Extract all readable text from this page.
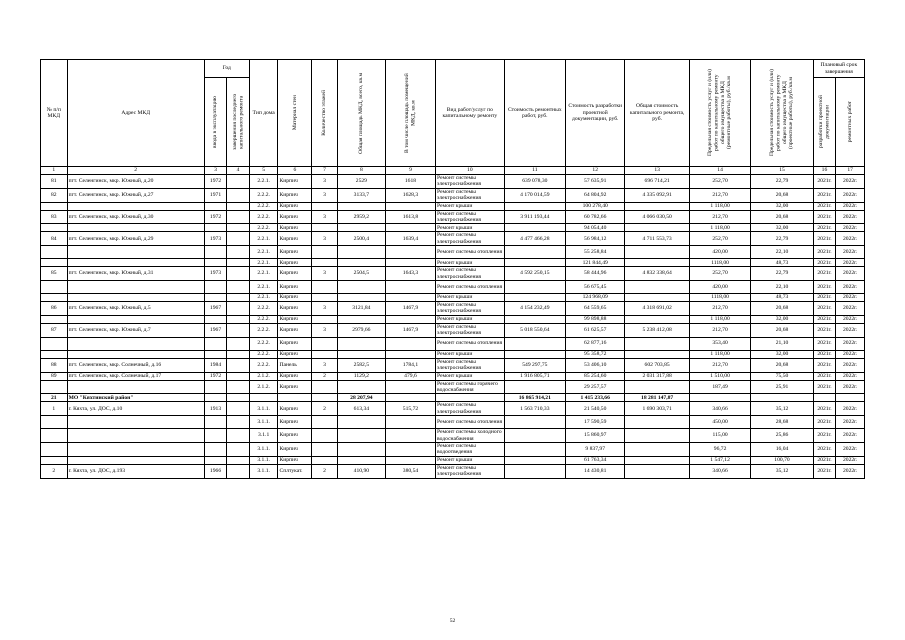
№ п/п МКД	Адрес МКД	Год		Тип дома	Материал стен	Количество этажей	Общая площадь МКД, всего, кв.м	В том числе площадь помещений МКД, кв.м	Вид работ/услуг по капитальному ремонту	Стоимость ремонтных работ, руб.	Стоимость разработки проектной документации, руб.	Общая стоимость капитального ремонта, руб.	Предельная стоимость услуг и (или) работ по капитальному ремонту общего имущества в МКД (ремонтные работы), руб./кв.м	Предельная стоимость услуг и (или) работ по капитальному ремонту общего имущества в МКД (проектные работы), руб./кв.м	Плановый срок завершения	

		ввода в эксплуатацию	завершения последнего капитального ремонта												разработки проектной документации	ремонтных работ

1	2	3	4	5	6	7	8	9	10	11	12	13	14	15	16	17
81	пгт. Селенгинск, мкр. Южный, д.20	1972		2.2.1.	Кирпич	3	2529	1618	Ремонт системы электроснабжения	639 078,30	57 635,91	696 714,21	252,70	22,79	2021г.	2022г.
82	пгт. Селенгинск, мкр. Южный, д.27	1971		2.2.2.	Кирпич	3	3133,7	1628,3	Ремонт системы электроснабжения	4 170 014,59	64 804,92	4 335 092,91	212,70	20,68	2021г.	2022г.
				2.2.2.	Кирпич				Ремонт крыши		100 278,40		1 118,00	32,00	2021г.	2022г.
83	пгт. Селенгинск, мкр. Южный, д.30	1972		2.2.2.	Кирпич	3	2959,2	1613,8	Ремонт системы электроснабжения	3 911 193,44	60 782,66	4 066 030,50	212,70	20,68	2021г.	2022г.
				2.2.2.	Кирпич				Ремонт крыши		94 054,40		1 118,00	32,00	2021г.	2022г.
84	пгт. Селенгинск, мкр. Южный, д.29	1973		2.2.1.	Кирпич	3	2500,4	1639,4	Ремонт системы электроснабжения	4 477 466,28	56 984,12	4 711 553,73	252,70	22,79	2021г.	2022г.
				2.2.1.	Кирпич				Ремонт системы отопления		55 258,84		420,00	22,10	2021г.	2022г.
				2.2.1.	Кирпич				Ремонт крыши		121 844,49		1118,00	48,73	2021г.	2022г.
85	пгт. Селенгинск, мкр. Южный, д.31	1973		2.2.1.	Кирпич	3	2504,5	1643,3	Ремонт системы электроснабжения	4 592 250,15	58 444,96	4 832 338,64	252,70	22,79	2021г.	2022г.
				2.2.1.	Кирпич				Ремонт системы отопления		56 675,45		420,00	22,10	2021г.	2022г.
				2.2.1.	Кирпич				Ремонт крыши		124 968,09		1118,00	48,73	2021г.	2022г.
86	пгт. Селенгинск, мкр. Южный, д.5	1967		2.2.2.	Кирпич	3	3121,84	1467,9	Ремонт системы электроснабжения	4 154 232,49	64 559,65	4 318 691,02	212,70	20,68	2021г.	2022г.
				2.2.2.	Кирпич				Ремонт крыши		99 898,88		1 118,00	32,00	2021г.	2022г.
87	пгт. Селенгинск, мкр. Южный, д.7	1967		2.2.2.	Кирпич	3	2979,66	1467,9	Ремонт системы электроснабжения	5 018 550,64	61 625,57	5 238 412,08	212,70	20,68	2021г.	2022г.
				2.2.2.	Кирпич				Ремонт системы отопления		62 877,16		353,40	21,10	2021г.	2022г.
				2.2.2.	Кирпич				Ремонт крыши		95 358,72		1 118,00	32,00	2021г.	2022г.
88	пгт. Селенгинск, мкр. Солнечный, д.16	1984		2.2.2.	Панель	3	2582,5	1784,1	Ремонт системы электроснабжения	549 297,75	53 406,10	602 703,85	212,70	20,68	2021г.	2022г.
89	пгт. Селенгинск, мкр. Солнечный, д.17	1972		2.1.2.	Кирпич	2	1129,2	479,6	Ремонт крыши	1 916 805,71	85 254,60	2 031 317,88	1 510,00	75,50	2021г.	2022г.
				2.1.2.	Кирпич				Ремонт системы горячего водоснабжения		29 257,57		187,49	25,91	2021г.	2022г.
21	МО "Кяхтинский район"						28 207,94			16 865 914,21	1 415 233,66	18 281 147,87				
1	г. Кяхта, ул. ДОС, д.10	1913		3.1.1.	Кирпич	2	613,34	515,72	Ремонт системы электроснабжения	1 563 710,33	21 540,50	1 690 303,71	340,66	35,12	2021г.	2022г.
				3.1.1.	Кирпич				Ремонт системы отопления		17 590,59		450,00	28,68	2021г.	2022г.
				3.1.1	Кирпич				Ремонт системы холодного водоснабжения		15 860,97		115,00	25,86	2021г.	2022г.
				3.1.1.	Кирпич				Ремонт системы водоотведения		9 837,97		96,72	16,04	2021г.	2022г.
				3.1.1.	Кирпич				Ремонт крыши		61 763,34		1 547,12	100,70	2021г.	2022г.
2	г. Кяхта, ул. ДОС, д.193	1966		3.1.1.	Сплтукат.	2	410,90	380,54	Ремонт системы электроснабжения		14 430,81		340,66	35,12	2021г.	2022г.
52
